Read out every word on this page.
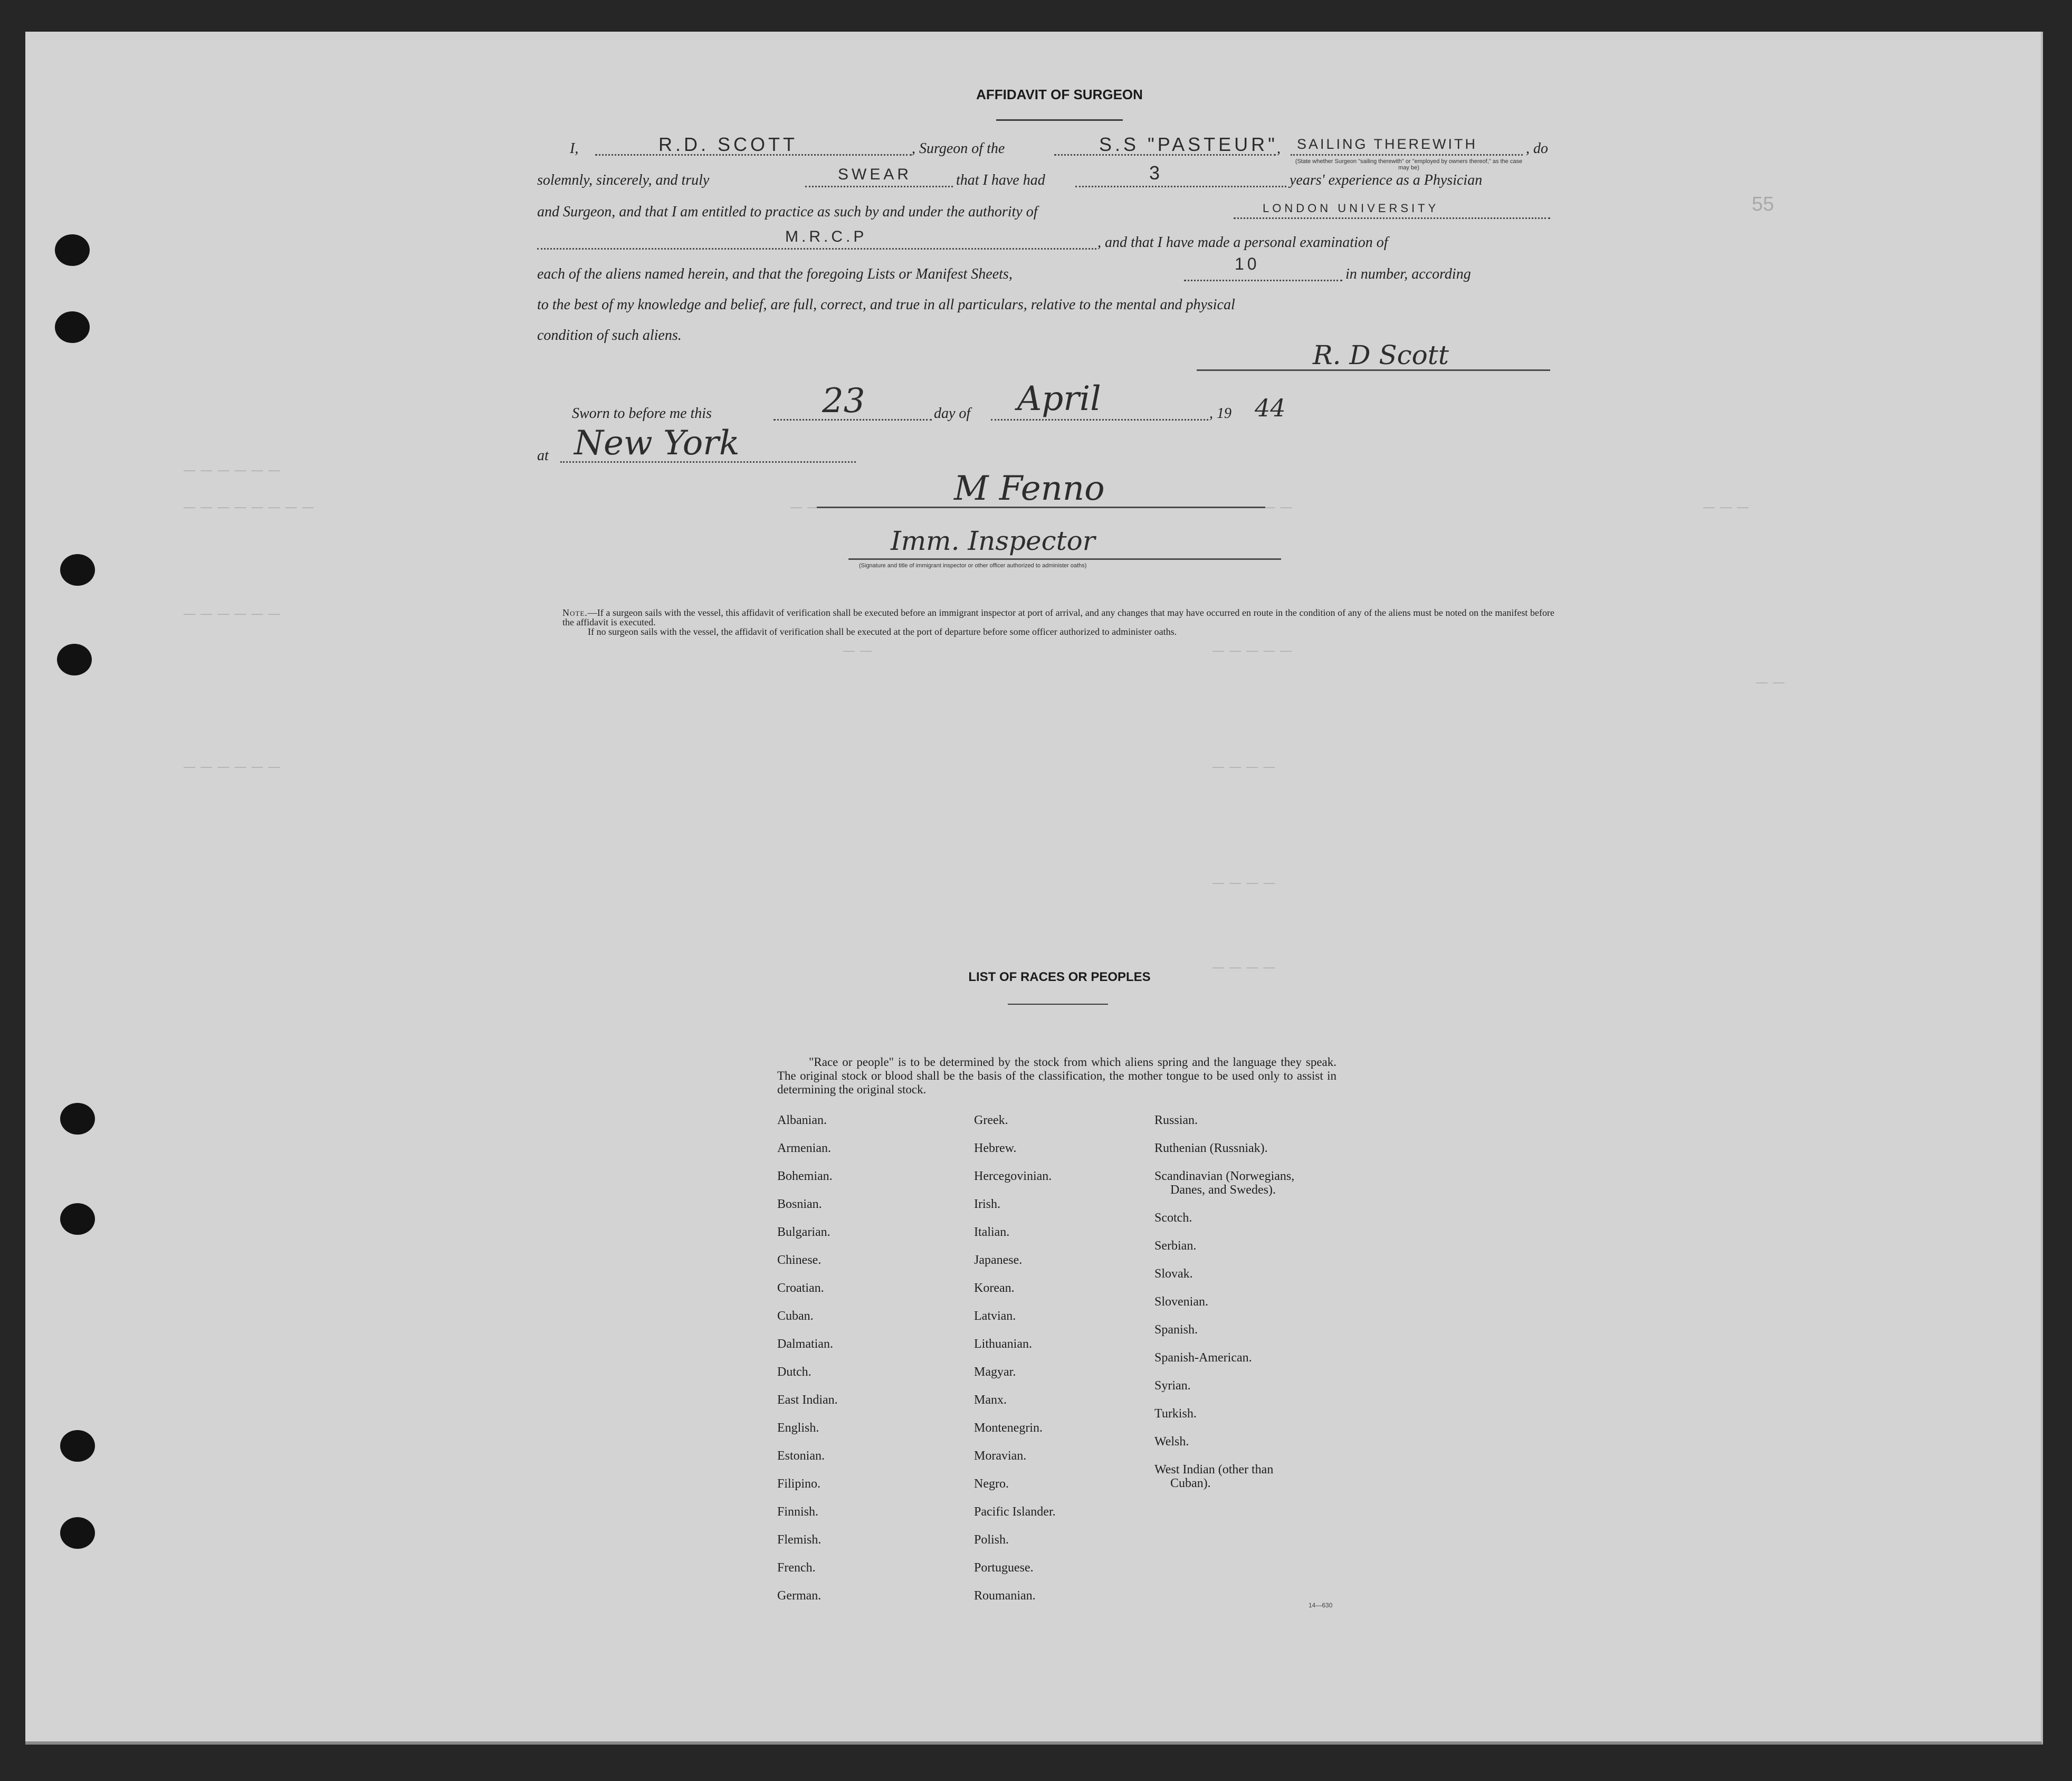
— — — — — —
— — — — — — — —	— —	— — — — —	— — —
— — — — — —
— —	— — — — —
— —
— — — —
— — — — — —
— — — —
— — — —
55
AFFIDAVIT OF SURGEON
I,	R.D. SCOTT	, Surgeon of the	S.S "PASTEUR"
, SAILING THEREWITH	, do
(State whether Surgeon "sailing therewith" or "employed by owners thereof," as the case may be)
solemnly, sincerely, and truly	SWEAR	that I have had	3	years' experience as a Physician
and Surgeon, and that I am entitled to practice as such by and under the authority of	LONDON UNIVERSITY
M.R.C.P	, and that I have made a personal examination of
each of the aliens named herein, and that the foregoing Lists or Manifest Sheets,
10
in number, according
to the best of my knowledge and belief, are full, correct, and true in all particulars, relative to the mental and physical
condition of such aliens.
R. D Scott
Sworn to before me this	23	day of April	, 19 44
at New York
M Fenno
Imm. Inspector
(Signature and title of immigrant inspector or other officer authorized to administer oaths)

Note.—If a surgeon sails with the vessel, this affidavit of verification shall be executed before an immigrant inspector at port of arrival, and any changes that may have occurred en route in the condition of any of the aliens must be noted on the manifest before the affidavit is executed.

If no surgeon sails with the vessel, the affidavit of verification shall be executed at the port of departure before some officer authorized to administer oaths.

LIST OF RACES OR PEOPLES
"Race or people" is to be determined by the stock from which aliens spring and the language they speak. The original stock or blood shall be the basis of the classification, the mother tongue to be used only to assist in determining the original stock.
Albanian.
Armenian.
Bohemian.
Bosnian.
Bulgarian.
Chinese.
Croatian.
Cuban.
Dalmatian.
Dutch.
East Indian.
English.
Estonian.
Filipino.
Finnish.
Flemish.
French.
German.
Greek.
Hebrew.
Hercegovinian.
Irish.
Italian.
Japanese.
Korean.
Latvian.
Lithuanian.
Magyar.
Manx.
Montenegrin.
Moravian.
Negro.
Pacific Islander.
Polish.
Portuguese.
Roumanian.
Russian.
Ruthenian (Russniak).
Scandinavian (Norwegians,
Danes, and Swedes).
Scotch.
Serbian.
Slovak.
Slovenian.
Spanish.
Spanish-American.
Syrian.
Turkish.
Welsh.
West Indian (other than
Cuban).
14—630
